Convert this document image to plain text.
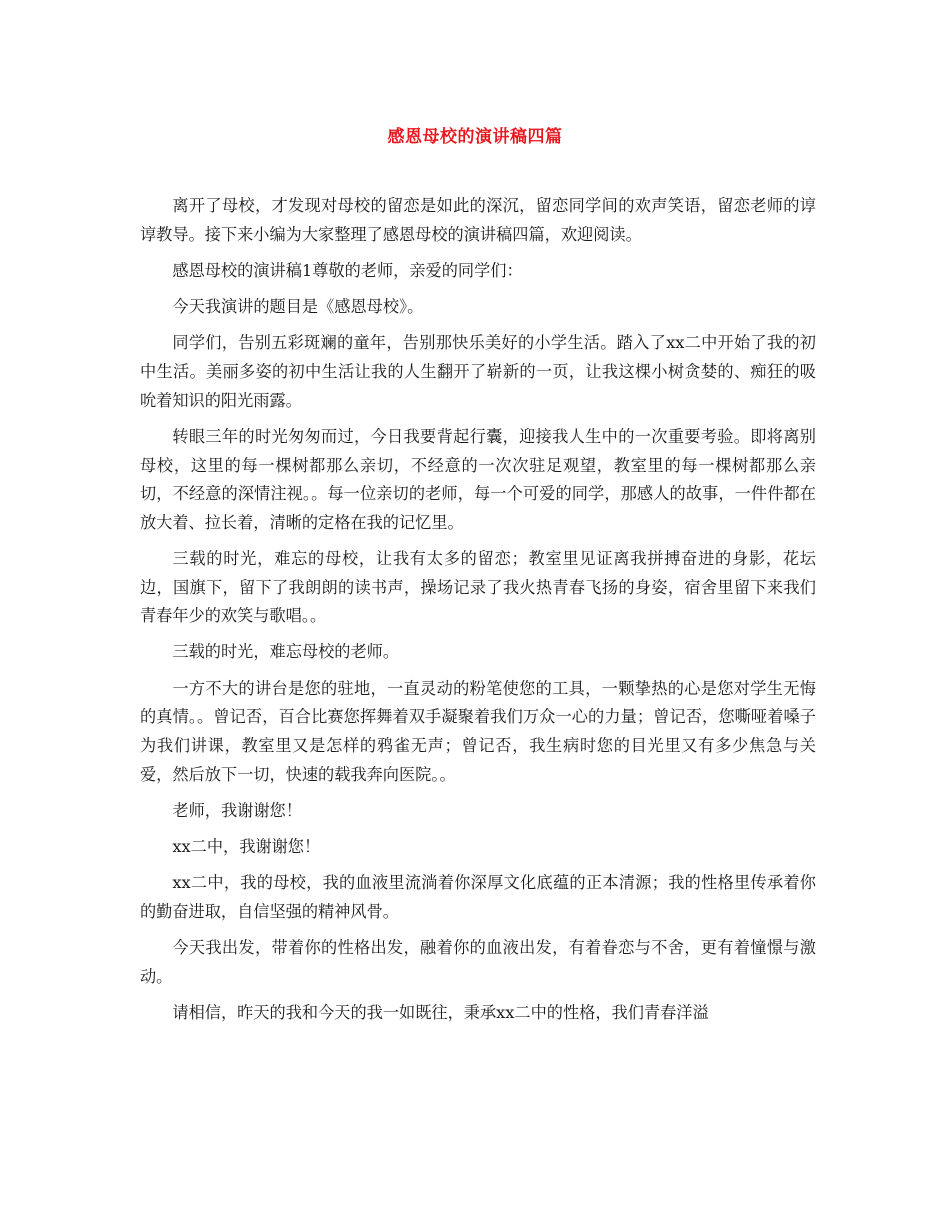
感恩母校的演讲稿四篇

离开了母校，才发现对母校的留恋是如此的深沉，留恋同学间的欢声笑语，留恋老师的谆谆教导。接下来小编为大家整理了感恩母校的演讲稿四篇，欢迎阅读。

感恩母校的演讲稿1尊敬的老师，亲爱的同学们：

今天我演讲的题目是《感恩母校》。

同学们，告别五彩斑斓的童年，告别那快乐美好的小学生活。踏入了xx二中开始了我的初中生活。美丽多姿的初中生活让我的人生翻开了崭新的一页，让我这棵小树贪婪的、痴狂的吸吮着知识的阳光雨露。

转眼三年的时光匆匆而过，今日我要背起行囊，迎接我人生中的一次重要考验。即将离别母校，这里的每一棵树都那么亲切，不经意的一次次驻足观望，教室里的每一棵树都那么亲切，不经意的深情注视。。每一位亲切的老师，每一个可爱的同学，那感人的故事，一件件都在放大着、拉长着，清晰的定格在我的记忆里。

三载的时光，难忘的母校，让我有太多的留恋；教室里见证离我拼搏奋进的身影，花坛边，国旗下，留下了我朗朗的读书声，操场记录了我火热青春飞扬的身姿，宿舍里留下来我们青春年少的欢笑与歌唱。。

三载的时光，难忘母校的老师。

一方不大的讲台是您的驻地，一直灵动的粉笔使您的工具，一颗挚热的心是您对学生无悔的真情。。曾记否，百合比赛您挥舞着双手凝聚着我们万众一心的力量；曾记否，您嘶哑着嗓子为我们讲课，教室里又是怎样的鸦雀无声；曾记否，我生病时您的目光里又有多少焦急与关爱，然后放下一切，快速的载我奔向医院。。

老师，我谢谢您！

xx二中，我谢谢您！

xx二中，我的母校，我的血液里流淌着你深厚文化底蕴的正本清源；我的性格里传承着你的勤奋进取，自信坚强的精神风骨。

今天我出发，带着你的性格出发，融着你的血液出发，有着眷恋与不舍，更有着憧憬与激动。

请相信，昨天的我和今天的我一如既往，秉承xx二中的性格，我们青春洋溢
